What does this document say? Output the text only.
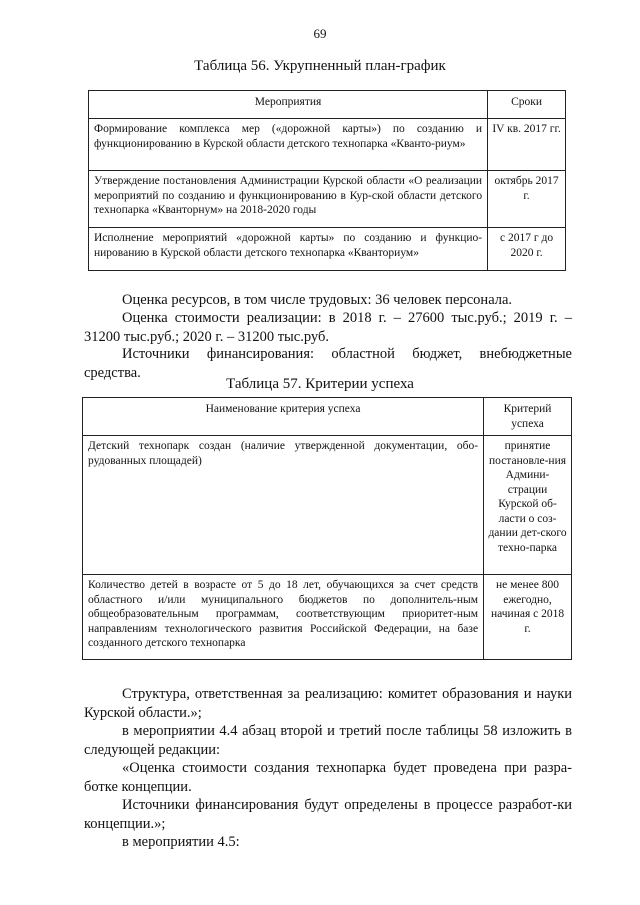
69
Таблица 56. Укрупненный план-график
Мероприятия	Сроки
Формирование комплекса мер («дорожной карты») по созданию и функционированию в Курской области детского технопарка «Кванто-риум»	IV кв. 2017 гг.
Утверждение постановления Администрации Курской области «О реализации мероприятий по созданию и функционированию в Кур-ской области детского технопарка «Кванторнум» на 2018-2020 годы	октябрь 2017 г.
Исполнение мероприятий «дорожной карты» по созданию и функцио-нированию в Курской области детского технопарка «Кванториум»	с 2017 г до 2020 г.
Оценка ресурсов, в том числе трудовых: 36 человек персонала.
Оценка стоимости реализации: в 2018 г. – 27600 тыс.руб.; 2019 г. – 31200 тыс.руб.; 2020 г. – 31200 тыс.руб.
Источники финансирования: областной бюджет, внебюджетные средства.
Таблица 57. Критерии успеха
Наименование критерия успеха	Критерий успеха
Детский технопарк создан (наличие утвержденной документации, обо-рудованных площадей)	принятие постановле-ния Админи-страции Курской об-ласти о соз-дании дет-ского техно-парка
Количество детей в возрасте от 5 до 18 лет, обучающихся за счет средств областного и/или муниципального бюджетов по дополнитель-ным общеобразовательным программам, соответствующим приоритет-ным направлениям технологического развития Российской Федерации, на базе созданного детского технопарка	не менее 800 ежегодно, начиная с 2018 г.
Структура, ответственная за реализацию: комитет образования и науки Курской области.»;
в мероприятии 4.4 абзац второй и третий после таблицы 58 изложить в следующей редакции:
«Оценка стоимости создания технопарка будет проведена при разра-ботке концепции.
Источники финансирования будут определены в процессе разработ-ки концепции.»;
в мероприятии 4.5:
